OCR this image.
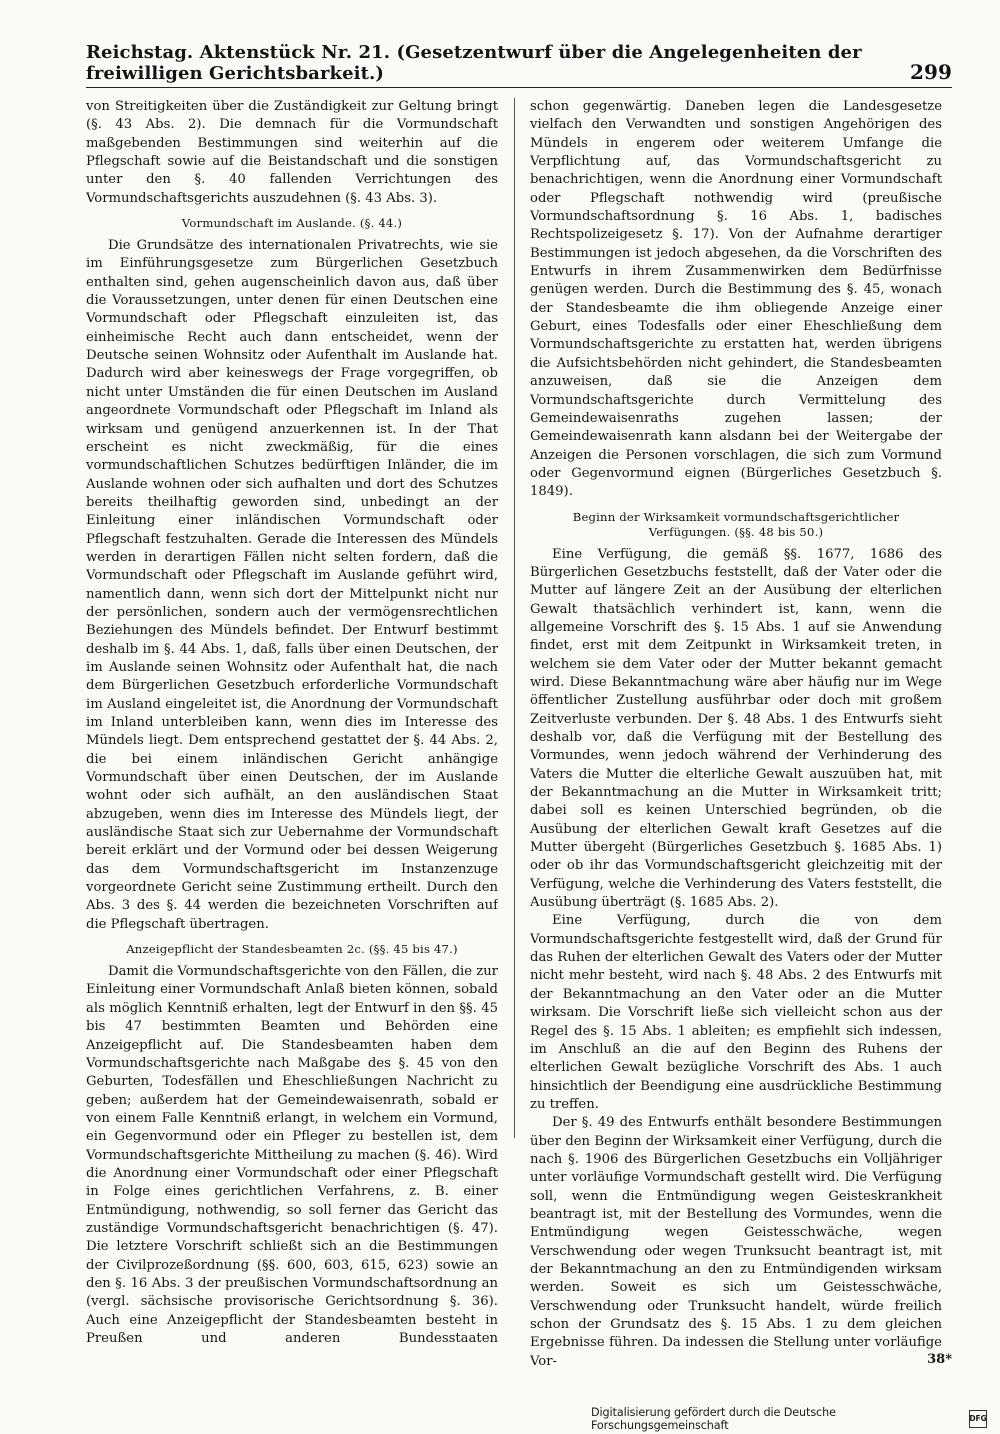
Reichstag. Aktenstück Nr. 21. (Gesetzentwurf über die Angelegenheiten der freiwilligen Gerichtsbarkeit.)	299

von Streitigkeiten über die Zuständigkeit zur Geltung bringt (§. 43 Abs. 2). Die demnach für die Vormundschaft maßgebenden Bestimmungen sind weiterhin auf die Pflegschaft sowie auf die Beistandschaft und die sonstigen unter den §. 40 fallenden Verrichtungen des Vormundschaftsgerichts auszudehnen (§. 43 Abs. 3).

Vormundschaft im Auslande. (§. 44.)

Die Grundsätze des internationalen Privatrechts, wie sie im Einführungsgesetze zum Bürgerlichen Gesetzbuch enthalten sind, gehen augenscheinlich davon aus, daß über die Voraussetzungen, unter denen für einen Deutschen eine Vormundschaft oder Pflegschaft einzuleiten ist, das einheimische Recht auch dann entscheidet, wenn der Deutsche seinen Wohnsitz oder Aufenthalt im Auslande hat. Dadurch wird aber keineswegs der Frage vorgegriffen, ob nicht unter Umständen die für einen Deutschen im Ausland angeordnete Vormundschaft oder Pflegschaft im Inland als wirksam und genügend anzuerkennen ist. In der That erscheint es nicht zweckmäßig, für die eines vormundschaftlichen Schutzes bedürftigen Inländer, die im Auslande wohnen oder sich aufhalten und dort des Schutzes bereits theilhaftig geworden sind, unbedingt an der Einleitung einer inländischen Vormundschaft oder Pflegschaft festzuhalten. Gerade die Interessen des Mündels werden in derartigen Fällen nicht selten fordern, daß die Vormundschaft oder Pflegschaft im Auslande geführt wird, namentlich dann, wenn sich dort der Mittelpunkt nicht nur der persönlichen, sondern auch der vermögensrechtlichen Beziehungen des Mündels befindet. Der Entwurf bestimmt deshalb im §. 44 Abs. 1, daß, falls über einen Deutschen, der im Auslande seinen Wohnsitz oder Aufenthalt hat, die nach dem Bürgerlichen Gesetzbuch erforderliche Vormundschaft im Ausland eingeleitet ist, die Anordnung der Vormundschaft im Inland unterbleiben kann, wenn dies im Interesse des Mündels liegt. Dem entsprechend gestattet der §. 44 Abs. 2, die bei einem inländischen Gericht anhängige Vormundschaft über einen Deutschen, der im Auslande wohnt oder sich aufhält, an den ausländischen Staat abzugeben, wenn dies im Interesse des Mündels liegt, der ausländische Staat sich zur Uebernahme der Vormundschaft bereit erklärt und der Vormund oder bei dessen Weigerung das dem Vormundschaftsgericht im Instanzenzuge vorgeordnete Gericht seine Zustimmung ertheilt. Durch den Abs. 3 des §. 44 werden die bezeichneten Vorschriften auf die Pflegschaft übertragen.

Anzeigepflicht der Standesbeamten 2c. (§§. 45 bis 47.)

Damit die Vormundschaftsgerichte von den Fällen, die zur Einleitung einer Vormundschaft Anlaß bieten können, sobald als möglich Kenntniß erhalten, legt der Entwurf in den §§. 45 bis 47 bestimmten Beamten und Behörden eine Anzeigepflicht auf. Die Standesbeamten haben dem Vormundschaftsgerichte nach Maßgabe des §. 45 von den Geburten, Todesfällen und Eheschließungen Nachricht zu geben; außerdem hat der Gemeindewaisenrath, sobald er von einem Falle Kenntniß erlangt, in welchem ein Vormund, ein Gegenvormund oder ein Pfleger zu bestellen ist, dem Vormundschaftsgerichte Mittheilung zu machen (§. 46). Wird die Anordnung einer Vormundschaft oder einer Pflegschaft in Folge eines gerichtlichen Verfahrens, z. B. einer Entmündigung, nothwendig, so soll ferner das Gericht das zuständige Vormundschaftsgericht benachrichtigen (§. 47). Die letztere Vorschrift schließt sich an die Bestimmungen der Civilprozeßordnung (§§. 600, 603, 615, 623) sowie an den §. 16 Abs. 3 der preußischen Vormundschaftsordnung an (vergl. sächsische provisorische Gerichtsordnung §. 36). Auch eine Anzeigepflicht der Standesbeamten besteht in Preußen und anderen Bundesstaaten

schon gegenwärtig. Daneben legen die Landesgesetze vielfach den Verwandten und sonstigen Angehörigen des Mündels in engerem oder weiterem Umfange die Verpflichtung auf, das Vormundschaftsgericht zu benachrichtigen, wenn die Anordnung einer Vormundschaft oder Pflegschaft nothwendig wird (preußische Vormundschaftsordnung §. 16 Abs. 1, badisches Rechtspolizeigesetz §. 17). Von der Aufnahme derartiger Bestimmungen ist jedoch abgesehen, da die Vorschriften des Entwurfs in ihrem Zusammenwirken dem Bedürfnisse genügen werden. Durch die Bestimmung des §. 45, wonach der Standesbeamte die ihm obliegende Anzeige einer Geburt, eines Todesfalls oder einer Eheschließung dem Vormundschaftsgerichte zu erstatten hat, werden übrigens die Aufsichtsbehörden nicht gehindert, die Standesbeamten anzuweisen, daß sie die Anzeigen dem Vormundschaftsgerichte durch Vermittelung des Gemeindewaisenraths zugehen lassen; der Gemeindewaisenrath kann alsdann bei der Weitergabe der Anzeigen die Personen vorschlagen, die sich zum Vormund oder Gegenvormund eignen (Bürgerliches Gesetzbuch §. 1849).

Beginn der Wirksamkeit vormundschaftsgerichtlicher Verfügungen. (§§. 48 bis 50.)

Eine Verfügung, die gemäß §§. 1677, 1686 des Bürgerlichen Gesetzbuchs feststellt, daß der Vater oder die Mutter auf längere Zeit an der Ausübung der elterlichen Gewalt thatsächlich verhindert ist, kann, wenn die allgemeine Vorschrift des §. 15 Abs. 1 auf sie Anwendung findet, erst mit dem Zeitpunkt in Wirksamkeit treten, in welchem sie dem Vater oder der Mutter bekannt gemacht wird. Diese Bekanntmachung wäre aber häufig nur im Wege öffentlicher Zustellung ausführbar oder doch mit großem Zeitverluste verbunden. Der §. 48 Abs. 1 des Entwurfs sieht deshalb vor, daß die Verfügung mit der Bestellung des Vormundes, wenn jedoch während der Verhinderung des Vaters die Mutter die elterliche Gewalt auszuüben hat, mit der Bekanntmachung an die Mutter in Wirksamkeit tritt; dabei soll es keinen Unterschied begründen, ob die Ausübung der elterlichen Gewalt kraft Gesetzes auf die Mutter übergeht (Bürgerliches Gesetzbuch §. 1685 Abs. 1) oder ob ihr das Vormundschaftsgericht gleichzeitig mit der Verfügung, welche die Verhinderung des Vaters feststellt, die Ausübung überträgt (§. 1685 Abs. 2).

Eine Verfügung, durch die von dem Vormundschaftsgerichte festgestellt wird, daß der Grund für das Ruhen der elterlichen Gewalt des Vaters oder der Mutter nicht mehr besteht, wird nach §. 48 Abs. 2 des Entwurfs mit der Bekanntmachung an den Vater oder an die Mutter wirksam. Die Vorschrift ließe sich vielleicht schon aus der Regel des §. 15 Abs. 1 ableiten; es empfiehlt sich indessen, im Anschluß an die auf den Beginn des Ruhens der elterlichen Gewalt bezügliche Vorschrift des Abs. 1 auch hinsichtlich der Beendigung eine ausdrückliche Bestimmung zu treffen.

Der §. 49 des Entwurfs enthält besondere Bestimmungen über den Beginn der Wirksamkeit einer Verfügung, durch die nach §. 1906 des Bürgerlichen Gesetzbuchs ein Volljähriger unter vorläufige Vormundschaft gestellt wird. Die Verfügung soll, wenn die Entmündigung wegen Geisteskrankheit beantragt ist, mit der Bestellung des Vormundes, wenn die Entmündigung wegen Geistesschwäche, wegen Verschwendung oder wegen Trunksucht beantragt ist, mit der Bekanntmachung an den zu Entmündigenden wirksam werden. Soweit es sich um Geistesschwäche, Verschwendung oder Trunksucht handelt, würde freilich schon der Grundsatz des §. 15 Abs. 1 zu dem gleichen Ergebnisse führen. Da indessen die Stellung unter vorläufige Vor-	38*
Digitalisierung gefördert durch die Deutsche Forschungsgemeinschaft
DFG
